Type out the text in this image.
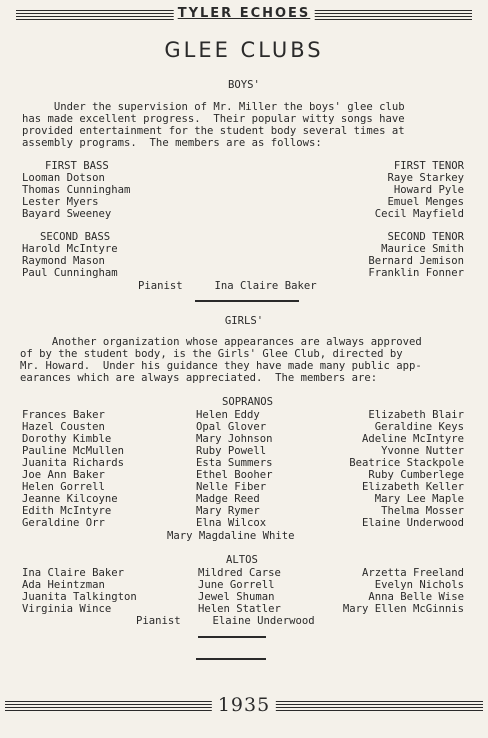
TYLER ECHOES
GLEE CLUBS
BOYS'
Under the supervision of Mr. Miller the boys' glee club
has made excellent progress.  Their popular witty songs have
provided entertainment for the student body several times at
assembly programs.  The members are as follows:
FIRST BASS
Looman Dotson
Thomas Cunningham
Lester Myers
Bayard Sweeney
FIRST TENOR
Raye Starkey
Howard Pyle
Emuel Menges
Cecil Mayfield
SECOND BASS
Harold McIntyre
Raymond Mason
Paul Cunningham
SECOND TENOR
Maurice Smith
Bernard Jemison
Franklin Fonner
Pianist     Ina Claire Baker
GIRLS'
Another organization whose appearances are always approved
of by the student body, is the Girls' Glee Club, directed by
Mr. Howard.  Under his guidance they have made many public app-
earances which are always appreciated.  The members are:
SOPRANOS
Frances Baker
Hazel Cousten
Dorothy Kimble
Pauline McMullen
Juanita Richards
Joe Ann Baker
Helen Gorrell
Jeanne Kilcoyne
Edith McIntyre
Geraldine Orr
Helen Eddy
Opal Glover
Mary Johnson
Ruby Powell
Esta Summers
Ethel Booher
Nelle Fiber
Madge Reed
Mary Rymer
Elna Wilcox
Elizabeth Blair
Geraldine Keys
Adeline McIntyre
Yvonne Nutter
Beatrice Stackpole
Ruby Cumberlege
Elizabeth Keller
Mary Lee Maple
Thelma Mosser
Elaine Underwood
Mary Magdaline White
ALTOS
Ina Claire Baker
Ada Heintzman
Juanita Talkington
Virginia Wince
Mildred Carse
June Gorrell
Jewel Shuman
Helen Statler
Arzetta Freeland
Evelyn Nichols
Anna Belle Wise
Mary Ellen McGinnis
Pianist     Elaine Underwood
1935
